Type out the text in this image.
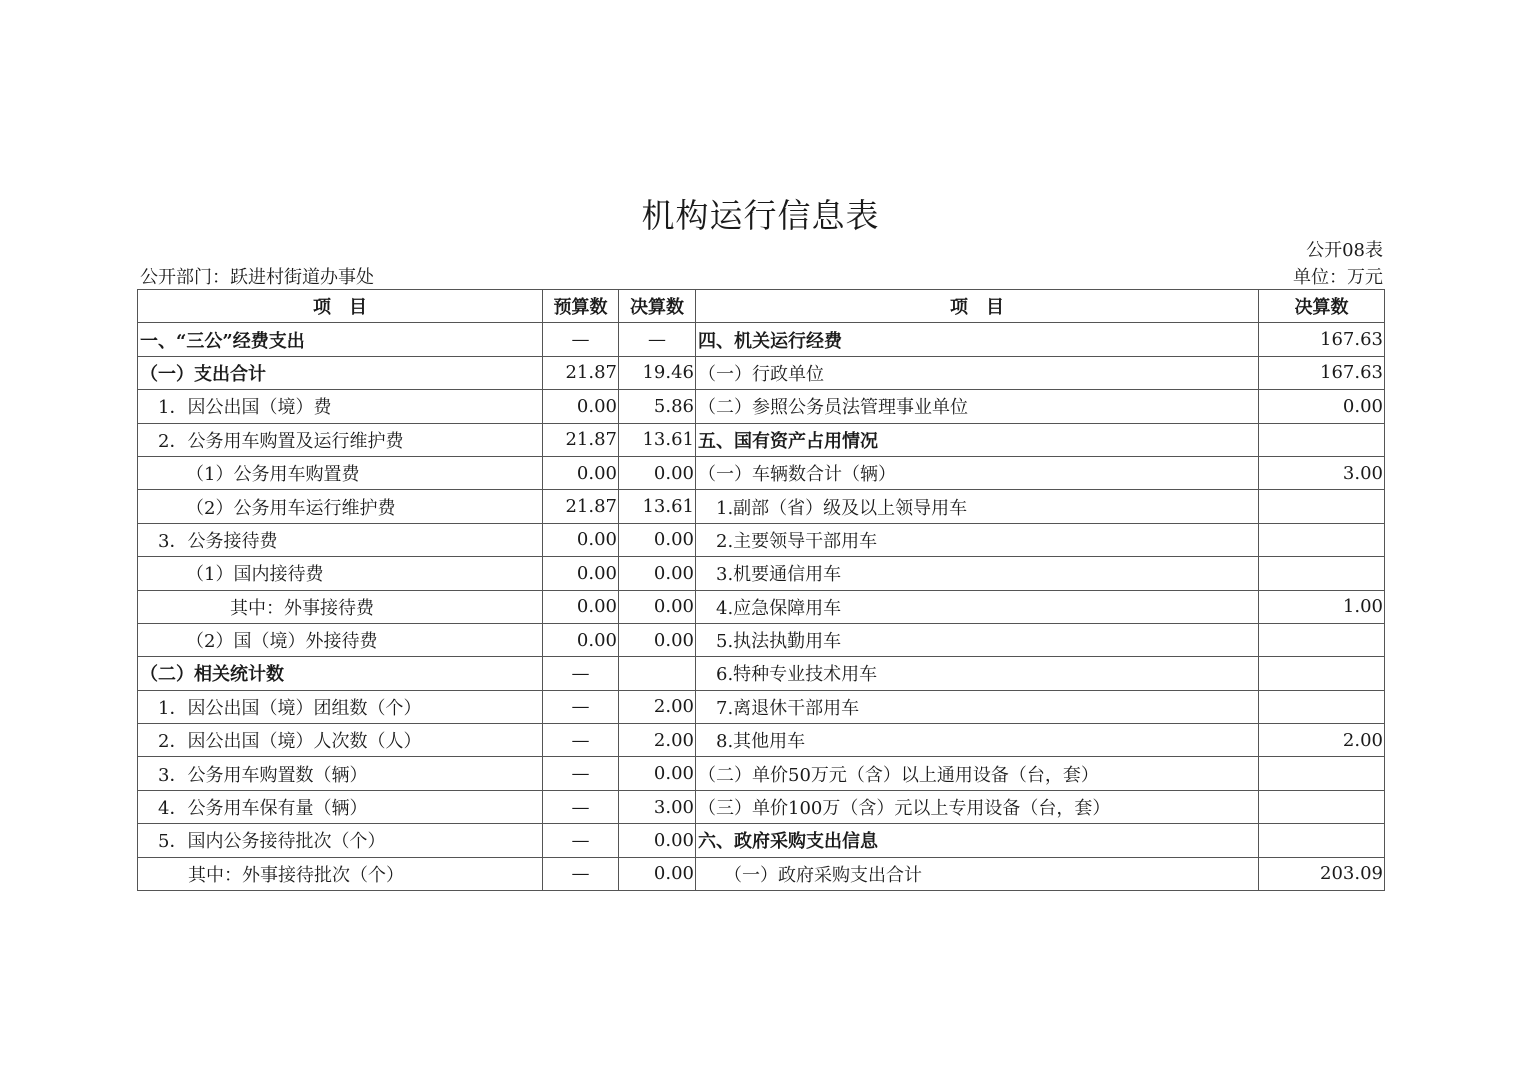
机构运行信息表
公开08表
公开部门：跃进村街道办事处	单位：万元
项　目	预算数	决算数	项　目	决算数
一、“三公”经费支出	—	—	四、机关运行经费	167.63
（一）支出合计	21.87	19.46	（一）行政单位	167.63
1．因公出国（境）费	0.00	5.86	（二）参照公务员法管理事业单位	0.00
2．公务用车购置及运行维护费	21.87	13.61	五、国有资产占用情况	
（1）公务用车购置费	0.00	0.00	（一）车辆数合计（辆）	3.00
（2）公务用车运行维护费	21.87	13.61	1.副部（省）级及以上领导用车	
3．公务接待费	0.00	0.00	2.主要领导干部用车	
（1）国内接待费	0.00	0.00	3.机要通信用车	
其中：外事接待费	0.00	0.00	4.应急保障用车	1.00
（2）国（境）外接待费	0.00	0.00	5.执法执勤用车	
（二）相关统计数	—		6.特种专业技术用车	
1．因公出国（境）团组数（个）	—	2.00	7.离退休干部用车	
2．因公出国（境）人次数（人）	—	2.00	8.其他用车	2.00
3．公务用车购置数（辆）	—	0.00	（二）单价50万元（含）以上通用设备（台，套）	
4．公务用车保有量（辆）	—	3.00	（三）单价100万（含）元以上专用设备（台，套）	
5．国内公务接待批次（个）	—	0.00	六、政府采购支出信息	
其中：外事接待批次（个）	—	0.00	（一）政府采购支出合计	203.09
